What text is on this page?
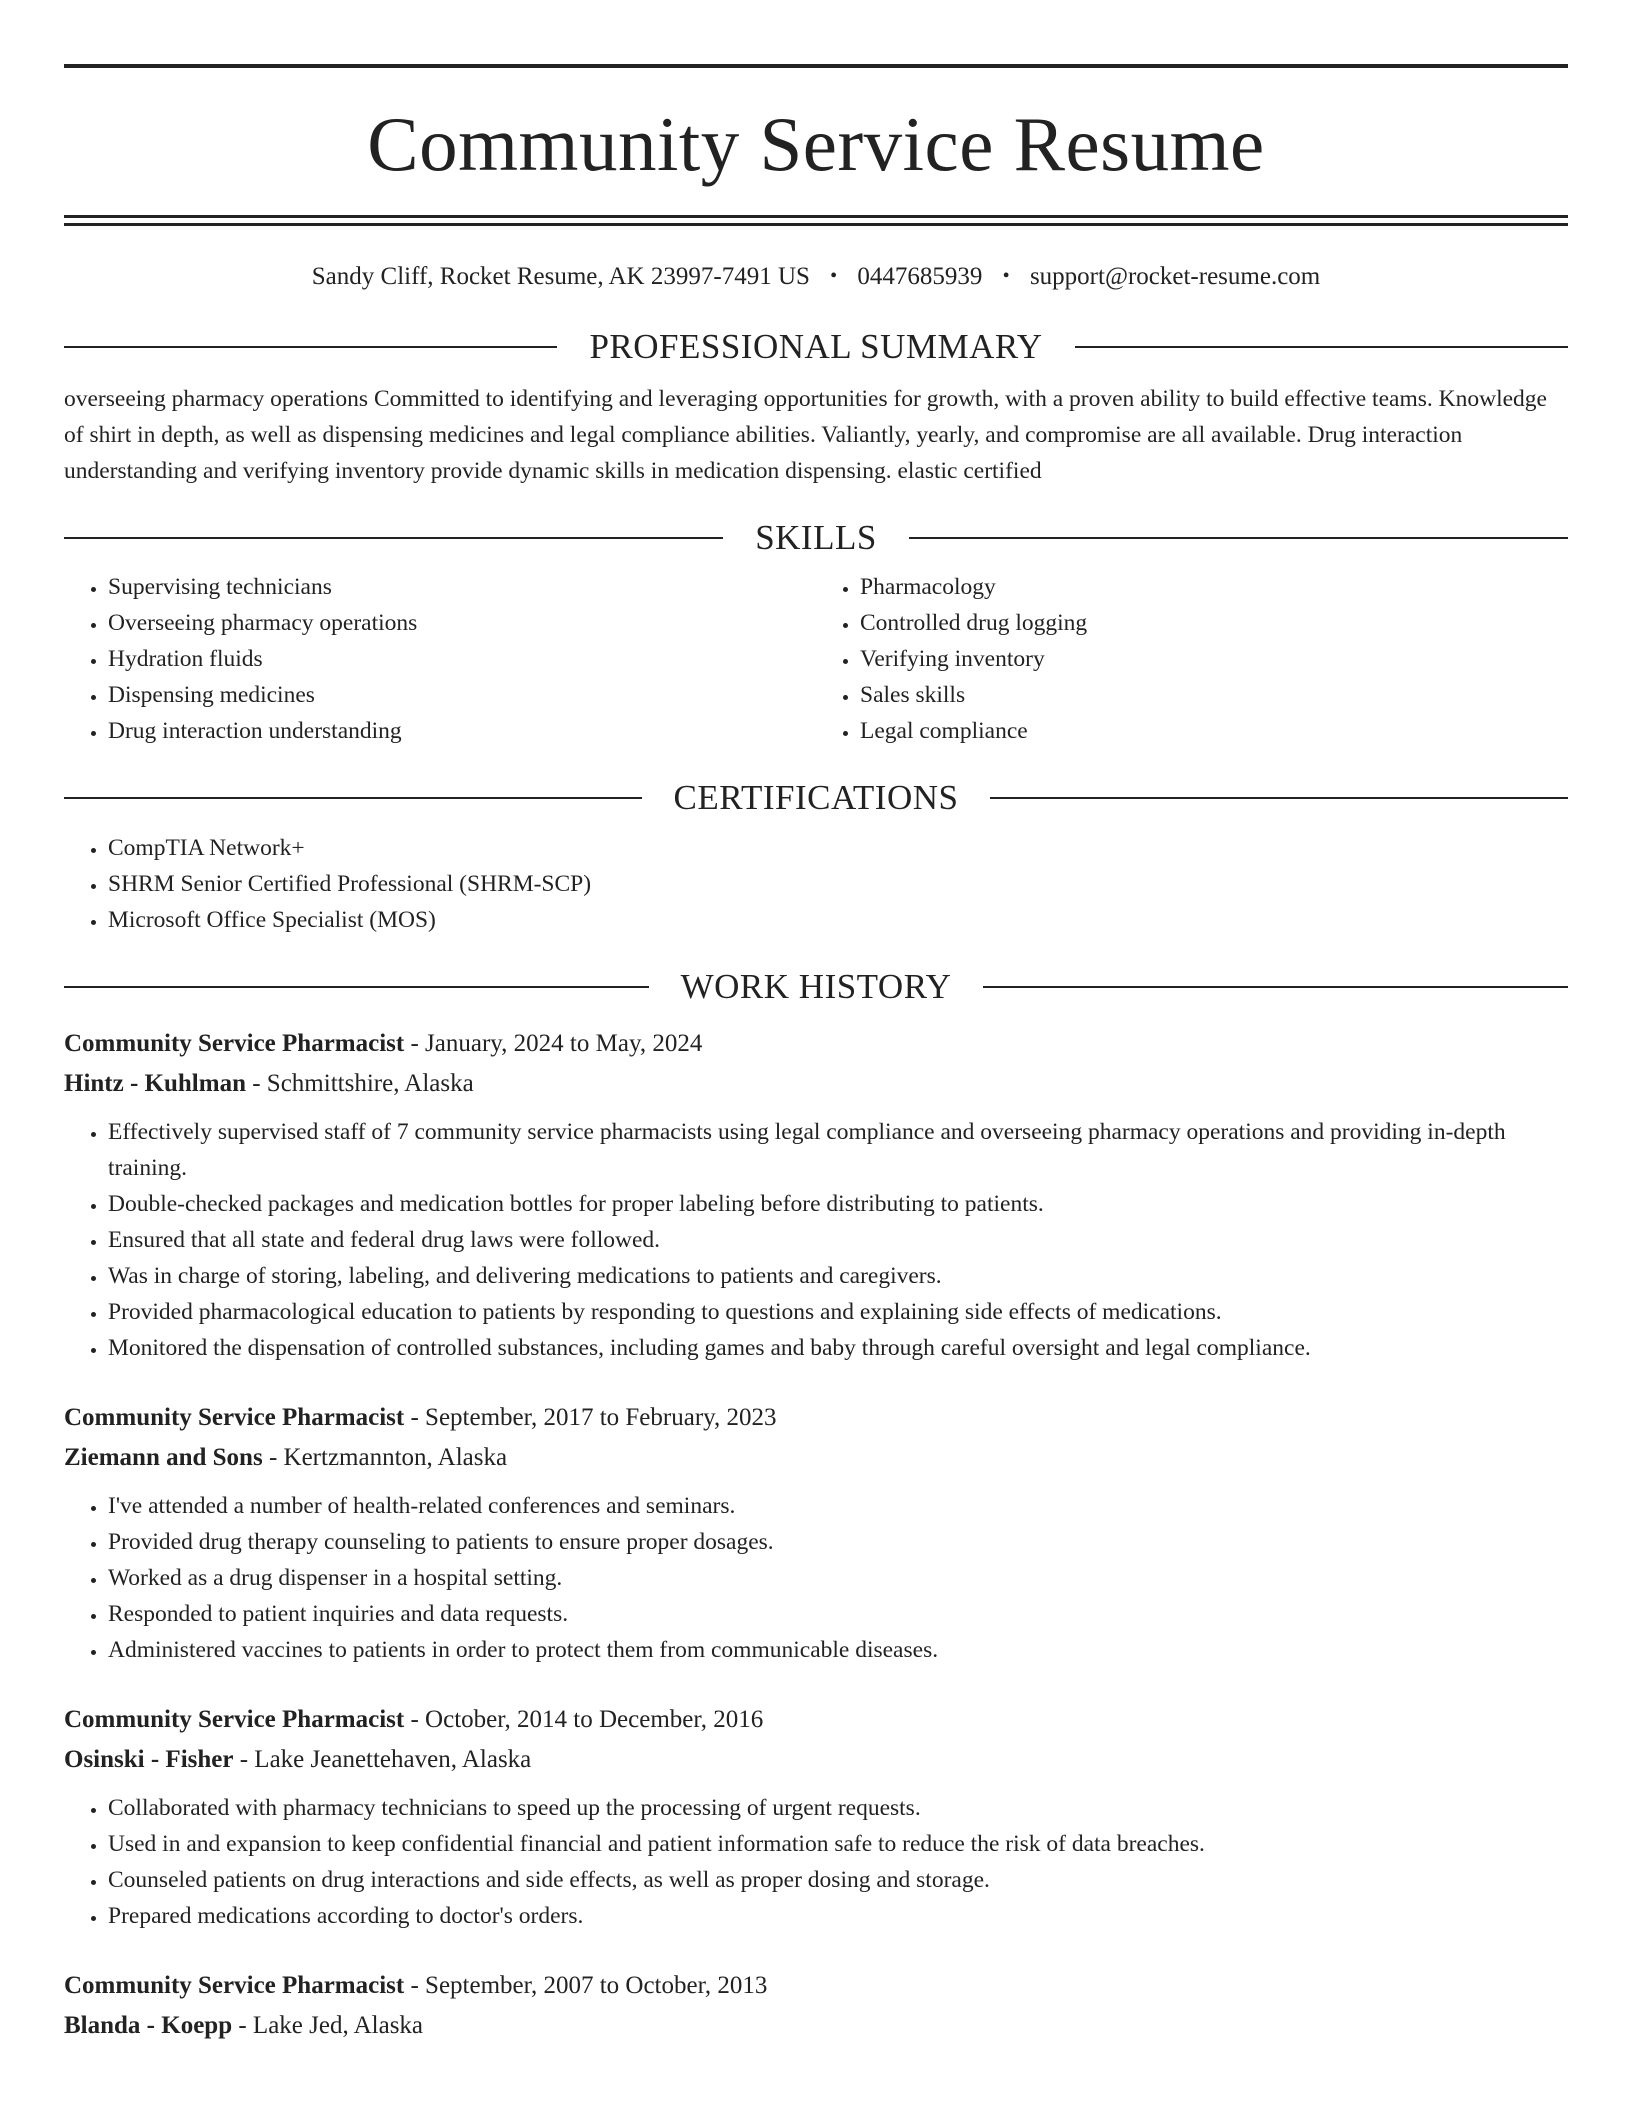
Community Service Resume
Sandy Cliff, Rocket Resume, AK 23997-7491 US • 0447685939 • support@rocket-resume.com
PROFESSIONAL SUMMARY
overseeing pharmacy operations Committed to identifying and leveraging opportunities for growth, with a proven ability to build effective teams. Knowledge of shirt in depth, as well as dispensing medicines and legal compliance abilities. Valiantly, yearly, and compromise are all available. Drug interaction understanding and verifying inventory provide dynamic skills in medication dispensing. elastic certified
SKILLS
• Supervising technicians
• Overseeing pharmacy operations
• Hydration fluids
• Dispensing medicines
• Drug interaction understanding
• Pharmacology
• Controlled drug logging
• Verifying inventory
• Sales skills
• Legal compliance
CERTIFICATIONS
• CompTIA Network+
• SHRM Senior Certified Professional (SHRM-SCP)
• Microsoft Office Specialist (MOS)
WORK HISTORY
Community Service Pharmacist - January, 2024 to May, 2024
Hintz - Kuhlman - Schmittshire, Alaska
• Effectively supervised staff of 7 community service pharmacists using legal compliance and overseeing pharmacy operations and providing in-depth training.
• Double-checked packages and medication bottles for proper labeling before distributing to patients.
• Ensured that all state and federal drug laws were followed.
• Was in charge of storing, labeling, and delivering medications to patients and caregivers.
• Provided pharmacological education to patients by responding to questions and explaining side effects of medications.
• Monitored the dispensation of controlled substances, including games and baby through careful oversight and legal compliance.
Community Service Pharmacist - September, 2017 to February, 2023
Ziemann and Sons - Kertzmannton, Alaska
• I've attended a number of health-related conferences and seminars.
• Provided drug therapy counseling to patients to ensure proper dosages.
• Worked as a drug dispenser in a hospital setting.
• Responded to patient inquiries and data requests.
• Administered vaccines to patients in order to protect them from communicable diseases.
Community Service Pharmacist - October, 2014 to December, 2016
Osinski - Fisher - Lake Jeanettehaven, Alaska
• Collaborated with pharmacy technicians to speed up the processing of urgent requests.
• Used in and expansion to keep confidential financial and patient information safe to reduce the risk of data breaches.
• Counseled patients on drug interactions and side effects, as well as proper dosing and storage.
• Prepared medications according to doctor's orders.
Community Service Pharmacist - September, 2007 to October, 2013
Blanda - Koepp - Lake Jed, Alaska
